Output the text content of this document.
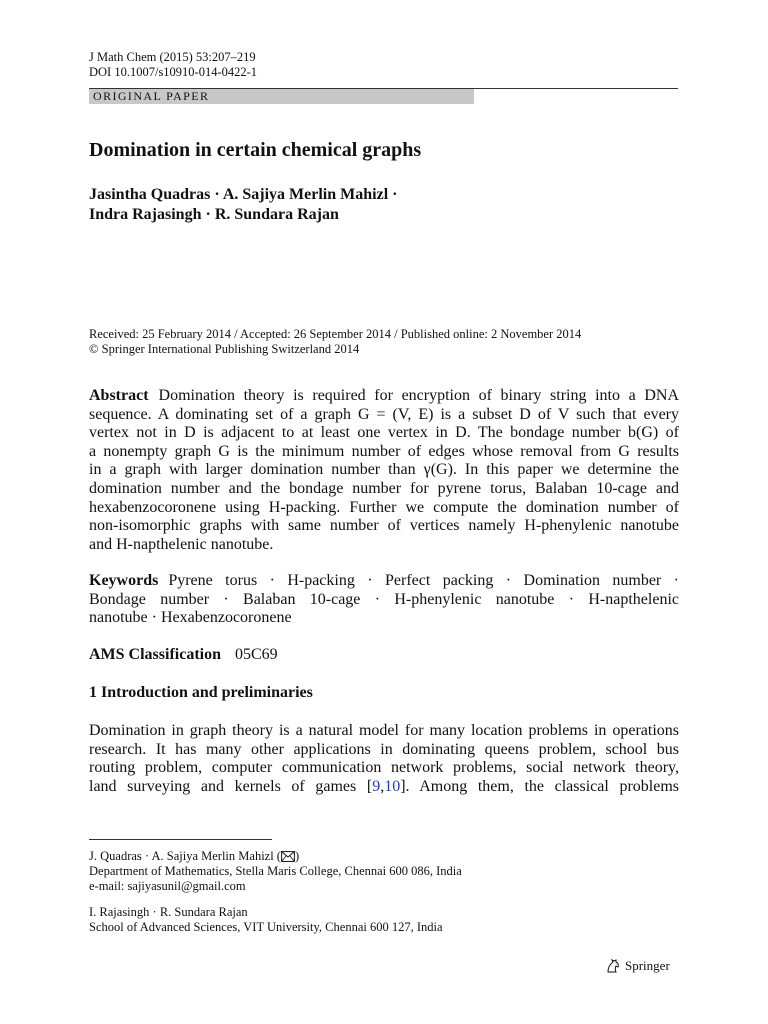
J Math Chem (2015) 53:207–219
DOI 10.1007/s10910-014-0422-1
ORIGINAL PAPER
Domination in certain chemical graphs
Jasintha Quadras · A. Sajiya Merlin Mahizl ·
Indra Rajasingh · R. Sundara Rajan
Received: 25 February 2014 / Accepted: 26 September 2014 / Published online: 2 November 2014
© Springer International Publishing Switzerland 2014
Abstract Domination theory is required for encryption of binary string into a DNA
sequence. A dominating set of a graph G = (V, E) is a subset D of V such that every
vertex not in D is adjacent to at least one vertex in D. The bondage number b(G) of
a nonempty graph G is the minimum number of edges whose removal from G results
in a graph with larger domination number than γ(G). In this paper we determine the
domination number and the bondage number for pyrene torus, Balaban 10-cage and
hexabenzocoronene using H-packing. Further we compute the domination number of
non-isomorphic graphs with same number of vertices namely H-phenylenic nanotube
and H-napthelenic nanotube.
Keywords Pyrene torus · H-packing · Perfect packing · Domination number ·
Bondage number · Balaban 10-cage · H-phenylenic nanotube · H-napthelenic
nanotube · Hexabenzocoronene
AMS Classification 05C69
1 Introduction and preliminaries
Domination in graph theory is a natural model for many location problems in operations
research. It has many other applications in dominating queens problem, school bus
routing problem, computer communication network problems, social network theory,
land surveying and kernels of games [9,10]. Among them, the classical problems
J. Quadras · A. Sajiya Merlin Mahizl ( )
Department of Mathematics, Stella Maris College, Chennai 600 086, India
e-mail: sajiyasunil@gmail.com
I. Rajasingh · R. Sundara Rajan
School of Advanced Sciences, VIT University, Chennai 600 127, India
Springer
